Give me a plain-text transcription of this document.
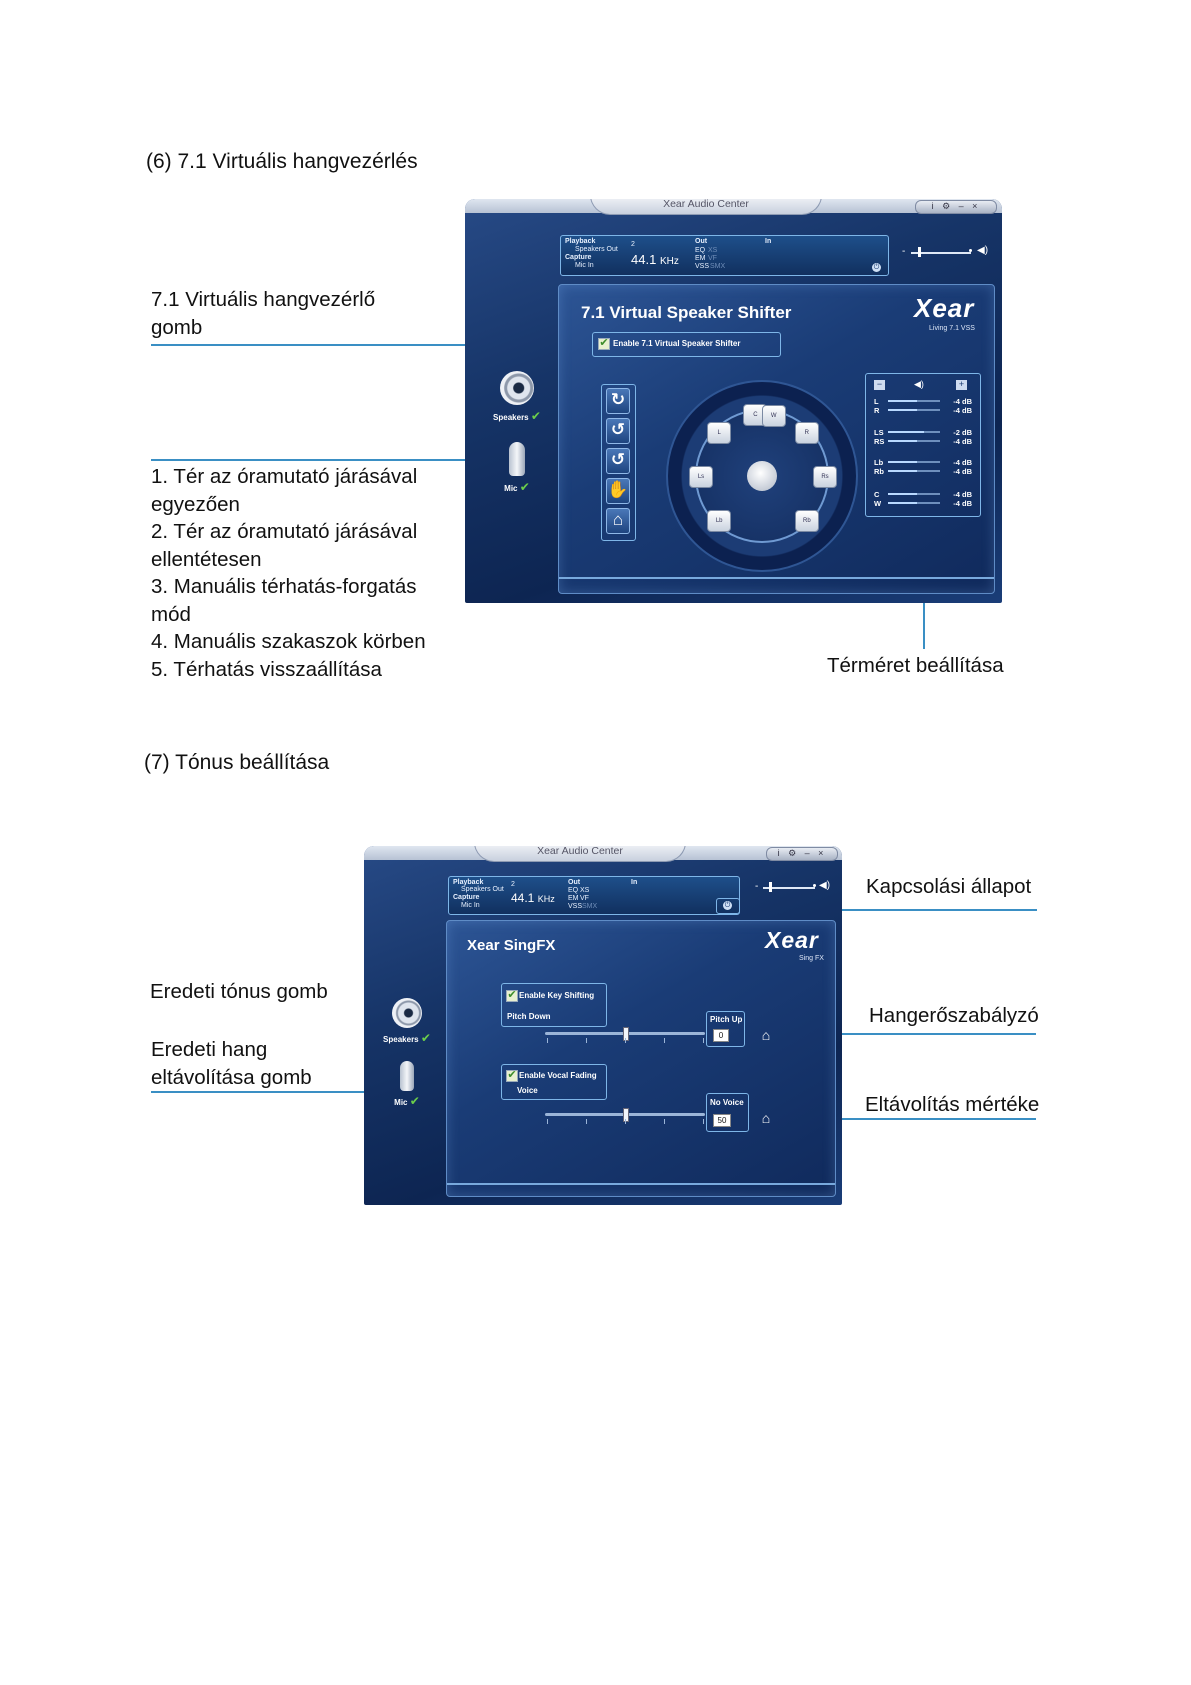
(6) 7.1 Virtuális hangvezérlés
7.1 Virtuális hangvezérlő
gomb
1. Tér az óramutató járásával
egyezően
2. Tér az óramutató járásával
ellentétesen
3. Manuális térhatás-forgatás
mód
4. Manuális szakaszok körben
5. Térhatás visszaállítása	Térméret beállítása
Xear Audio Center	i ⚙ – ×
Playback
Speakers Out
Capture
Mic In
2
44.1 KHz
Out
EQ XS
EM VF
VSS SMX
In
⏻
-	◀)
Speakers ✔
Mic ✔
7.1 Virtual Speaker Shifter	Xear
Living 7.1 VSS
✔ Enable 7.1 Virtual Speaker Shifter
↻
↺
↺
✋
⌂
C	W
L	R
Ls	Rs
Lb	Rb
−	◀)	+
L	-4 dB
R	-4 dB
LS	-2 dB
RS	-4 dB
Lb	-4 dB
Rb	-4 dB
C	-4 dB
W	-4 dB
(7) Tónus beállítása
Kapcsolási állapot
Eredeti tónus gomb
Hangerőszabályzó
Eredeti hang
eltávolítása gomb
Eltávolítás mértéke
Xear Audio Center	i ⚙ – ×
Playback
Speakers Out
Capture
Mic In
2
44.1 KHz
Out
EQ XS
EM VF
VSS SMX
In
⏻
-	◀)
Speakers ✔
Mic ✔
Xear SingFX	Xear
Sing FX
✔ Enable Key Shifting
Pitch Down	Pitch Up
0	⌂
✔ Enable Vocal Fading
Voice
No Voice
50	⌂
